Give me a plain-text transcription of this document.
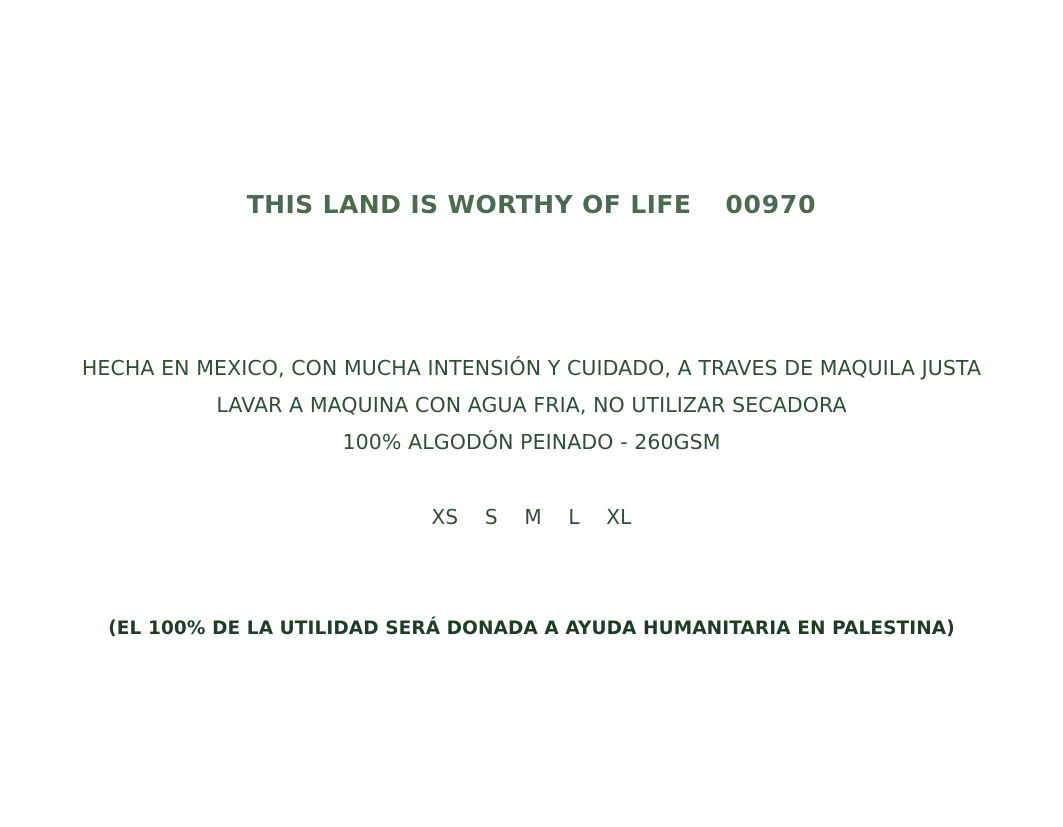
THIS LAND IS WORTHY OF LIFE 00970
HECHA EN MEXICO, CON MUCHA INTENSIÓN Y CUIDADO, A TRAVES DE MAQUILA JUSTA
LAVAR A MAQUINA CON AGUA FRIA, NO UTILIZAR SECADORA
100% ALGODÓN PEINADO - 260GSM
XS S M L XL
(EL 100% DE LA UTILIDAD SERÁ DONADA A AYUDA HUMANITARIA EN PALESTINA)
